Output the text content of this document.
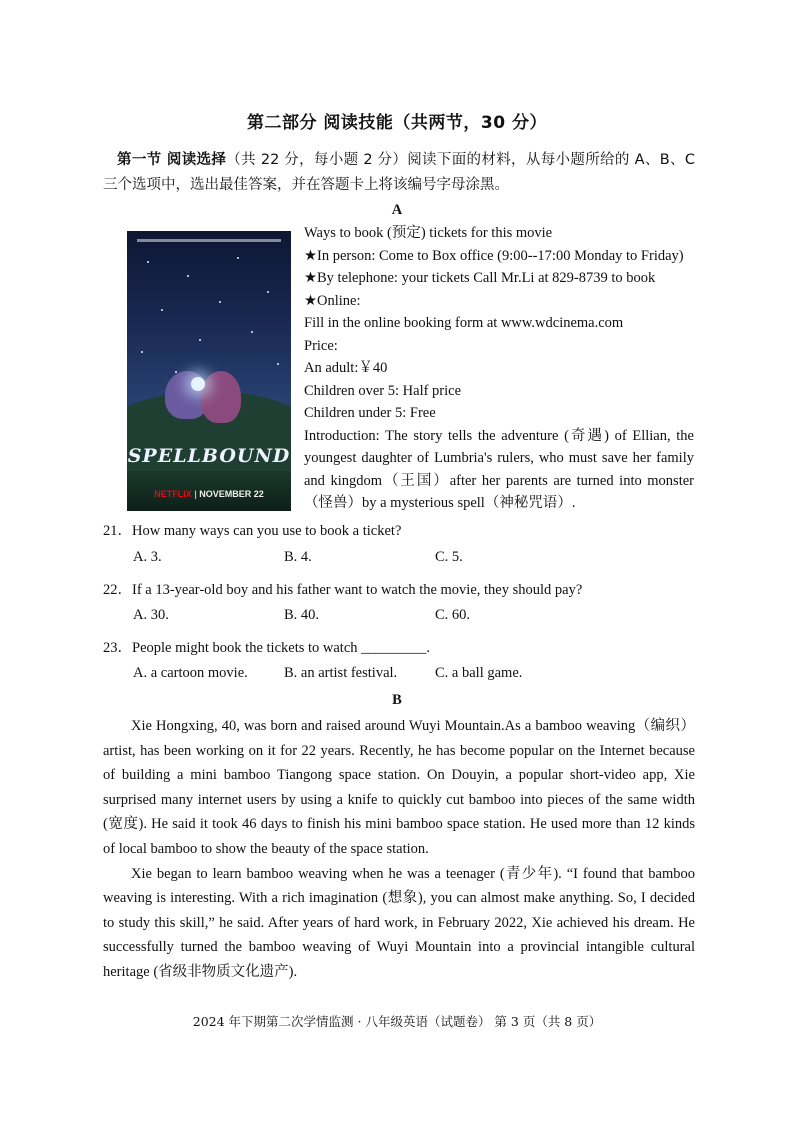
第二部分 阅读技能（共两节，30 分）
第一节 阅读选择（共 22 分，每小题 2 分）阅读下面的材料，从每小题所给的 A、B、C 三个选项中，选出最佳答案，并在答题卡上将该编号字母涂黑。
A
SPELLBOUND
NETFLIX | NOVEMBER 22
Ways to book (预定) tickets for this movie
★In person: Come to Box office (9:00--17:00 Monday to Friday)
★By telephone: your tickets Call Mr.Li at 829-8739 to book
★Online:
Fill in the online booking form at www.wdcinema.com
Price:
An adult:￥40
Children over 5: Half price
Children under 5: Free
Introduction: The story tells the adventure (奇遇) of Ellian, the youngest daughter of Lumbria's rulers, who must save her family and kingdom（王国）after her parents are turned into monster（怪兽）by a mysterious spell（神秘咒语）.
21．How many ways can you use to book a ticket?
A. 3.	B. 4.	C. 5.
22．If a 13-year-old boy and his father want to watch the movie, they should pay?
A. 30.	B. 40.	C. 60.
23．People might book the tickets to watch _________.
A. a cartoon movie.	B. an artist festival.	C. a ball game.
B

Xie Hongxing, 40, was born and raised around Wuyi Mountain.As a bamboo weaving（编织）artist, has been working on it for 22 years. Recently, he has become popular on the Internet because of building a mini bamboo Tiangong space station. On Douyin, a popular short-video app, Xie surprised many internet users by using a knife to quickly cut bamboo into pieces of the same width (宽度). He said it took 46 days to finish his mini bamboo space station. He used more than 12 kinds of local bamboo to show the beauty of the space station.

Xie began to learn bamboo weaving when he was a teenager (青少年). “I found that bamboo weaving is interesting. With a rich imagination (想象), you can almost make anything. So, I decided to study this skill,” he said. After years of hard work, in February 2022, Xie achieved his dream. He successfully turned the bamboo weaving of Wuyi Mountain into a provincial intangible cultural heritage (省级非物质文化遗产).

2024 年下期第二次学情监测 · 八年级英语（试题卷） 第 3 页（共 8 页）
